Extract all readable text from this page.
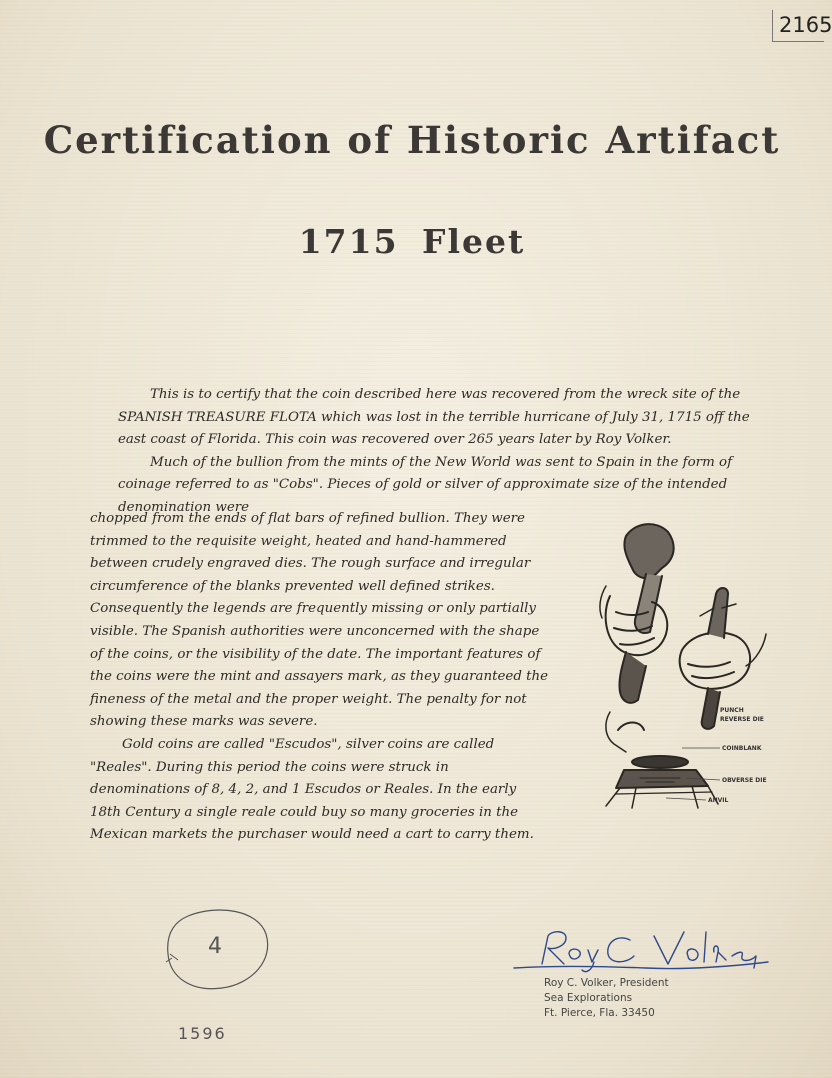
2165
Certification of Historic Artifact
1715 Fleet

This is to certify that the coin described here was recovered from the wreck site of the SPANISH TREASURE FLOTA which was lost in the terrible hurricane of July 31, 1715 off the east coast of Florida. This coin was recovered over 265 years later by Roy Volker.

Much of the bullion from the mints of the New World was sent to Spain in the form of coinage referred to as "Cobs". Pieces of gold or silver of approximate size of the intended denomination were

chopped from the ends of flat bars of refined bullion. They were trimmed to the requisite weight, heated and hand-hammered between crudely engraved dies. The rough surface and irregular circumference of the blanks prevented well defined strikes. Consequently the legends are frequently missing or only partially visible. The Spanish authorities were unconcerned with the shape of the coins, or the visibility of the date. The important features of the coins were the mint and assayers mark, as they guaranteed the fineness of the metal and the proper weight. The penalty for not showing these marks was severe.

Gold coins are called "Escudos", silver coins are called "Reales". During this period the coins were struck in denominations of 8, 4, 2, and 1 Escudos or Reales. In the early 18th Century a single reale could buy so many groceries in the Mexican markets the purchaser would need a cart to carry them.

PUNCH
REVERSE DIE
COINBLANK
OBVERSE DIE
ANVIL
4
1596
Roy C. Volker, President
Sea Explorations
Ft. Pierce, Fla. 33450
